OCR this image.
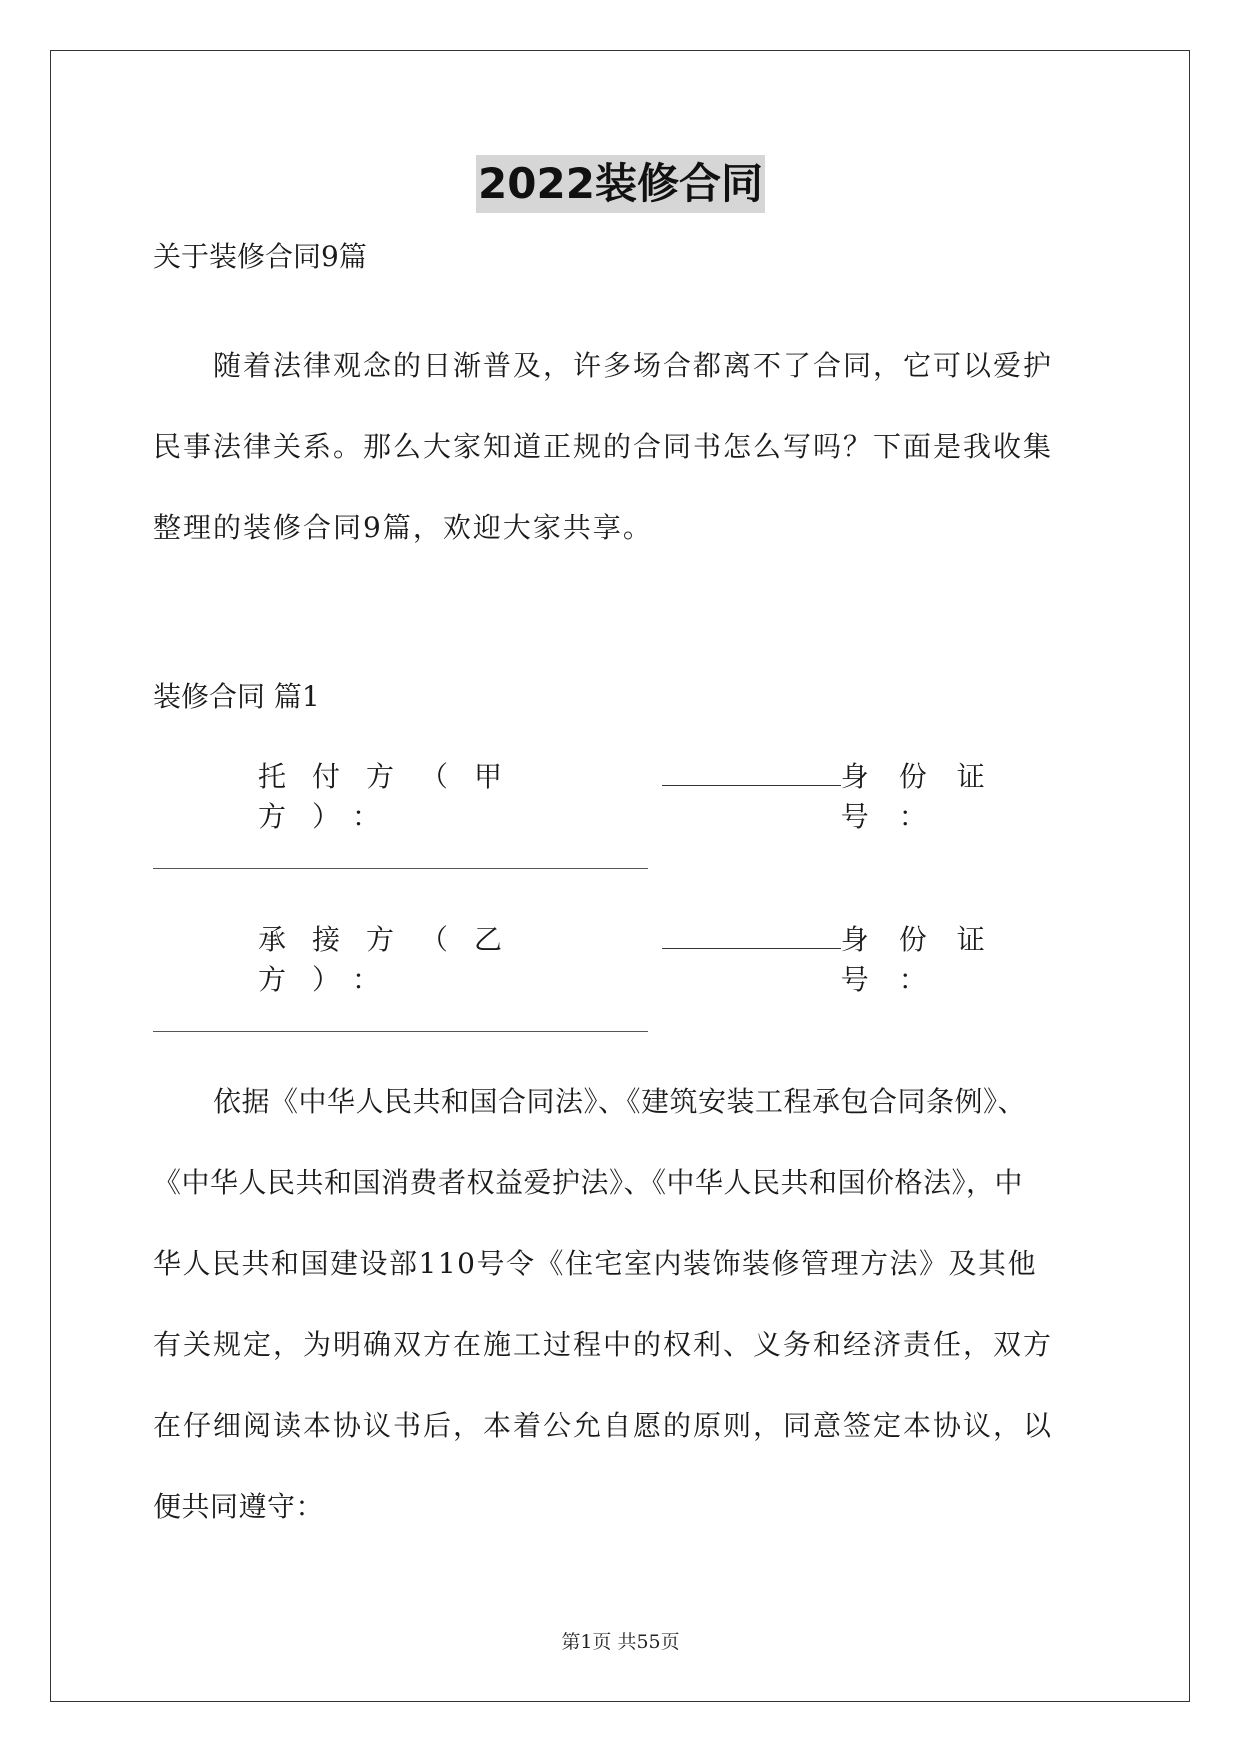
2022装修合同
关于装修合同9篇

随着法律观念的日渐普及，许多场合都离不了合同，它可以爱护

民事法律关系。那么大家知道正规的合同书怎么写吗？下面是我收集

整理的装修合同9篇，欢迎大家共享。

装修合同 篇1
托付方（甲方）：
身份证号：
承接方（乙方）：
身份证号：

依据《中华人民共和国合同法》、《建筑安装工程承包合同条例》、

《中华人民共和国消费者权益爱护法》、《中华人民共和国价格法》，中

华人民共和国建设部110号令《住宅室内装饰装修管理方法》及其他

有关规定，为明确双方在施工过程中的权利、义务和经济责任，双方

在仔细阅读本协议书后，本着公允自愿的原则，同意签定本协议，以

便共同遵守：

第1页 共55页
